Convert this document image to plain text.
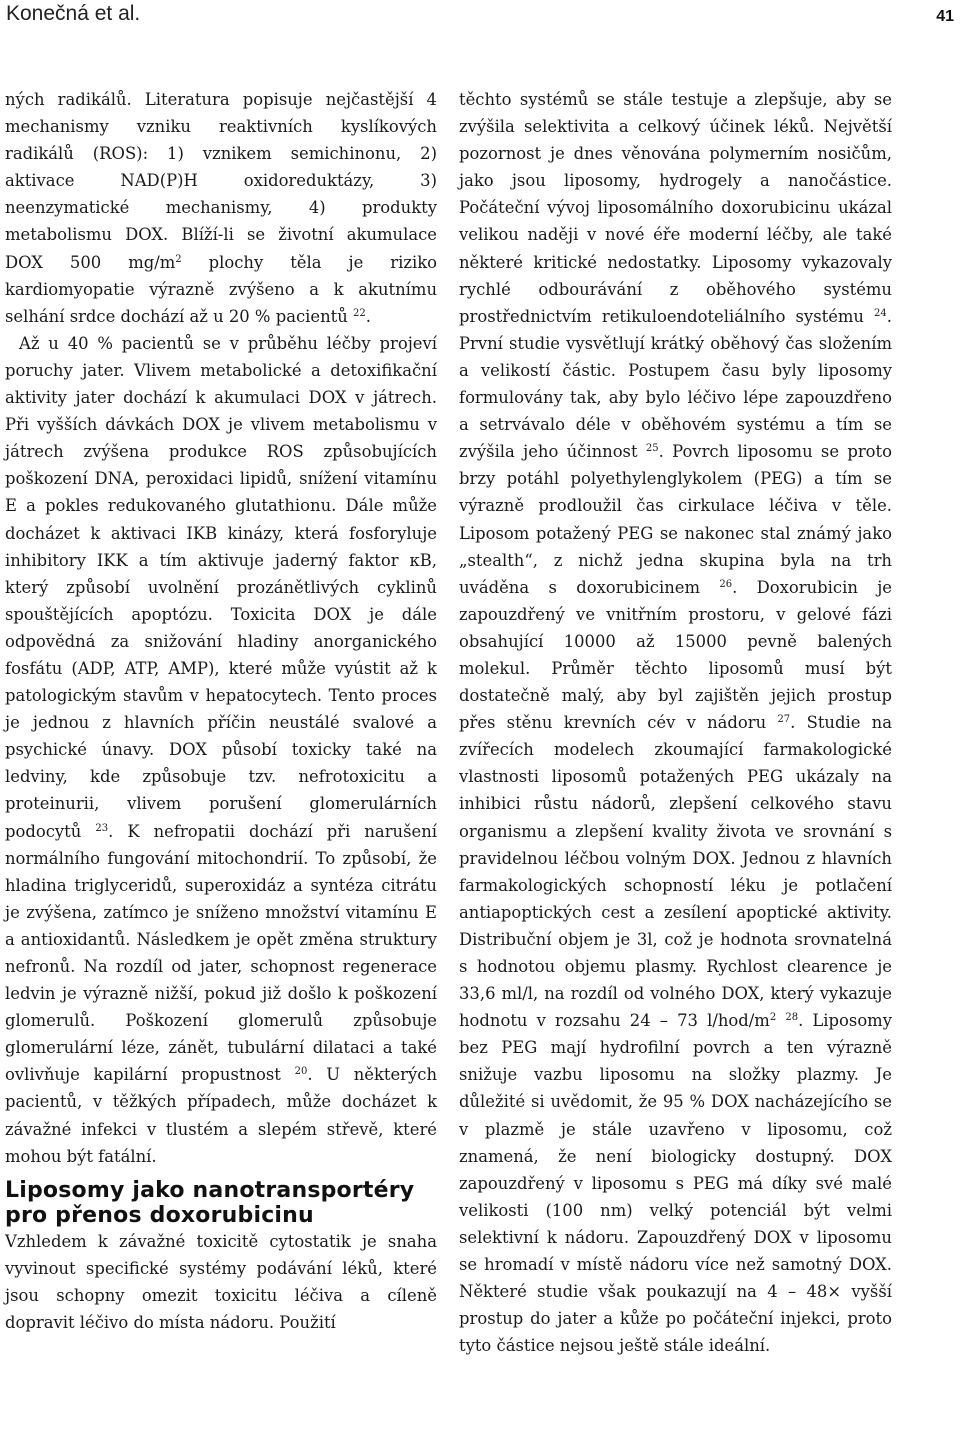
Konečná et al.	41

ných radikálů. Literatura popisuje nejčastější 4 mechanismy vzniku reaktivních kyslíkových radikálů (ROS): 1) vznikem semichinonu, 2) aktivace NAD(P)H oxidoreduktázy, 3) neenzymatické mechanismy, 4) produkty metabolismu DOX. Blíží-li se životní akumulace DOX 500 $mg/m^2$ plochy těla je riziko kardiomyopatie výrazně zvýšeno a k akutnímu selhání srdce dochází až u 20 % pacientů $^{22}$.

Až u 40 % pacientů se v průběhu léčby projeví poruchy jater. Vlivem metabolické a detoxifikační aktivity jater dochází k akumulaci DOX v játrech. Při vyšších dávkách DOX je vlivem metabolismu v játrech zvýšena produkce ROS způsobujících poškození DNA, peroxidaci lipidů, snížení vitamínu E a pokles redukovaného glutathionu. Dále může docházet k aktivaci IKB kinázy, která fosforyluje inhibitory IKK a tím aktivuje jaderný faktor κB, který způsobí uvolnění prozánětlivých cyklinů spouštějících apoptózu. Toxicita DOX je dále odpovědná za snižování hladiny anorganického fosfátu (ADP, ATP, AMP), které může vyústit až k patologickým stavům v hepatocytech. Tento proces je jednou z hlavních příčin neustálé svalové a psychické únavy. DOX působí toxicky také na ledviny, kde způsobuje tzv. nefrotoxicitu a proteinurii, vlivem porušení glomerulárních podocytů $^{23}$. K nefropatii dochází při narušení normálního fungování mitochondrií. To způsobí, že hladina triglyceridů, superoxidáz a syntéza citrátu je zvýšena, zatímco je sníženo množství vitamínu E a antioxidantů. Následkem je opět změna struktury nefronů. Na rozdíl od jater, schopnost regenerace ledvin je výrazně nižší, pokud již došlo k poškození glomerulů. Poškození glomerulů způsobuje glomerulární léze, zánět, tubulární dilataci a také ovlivňuje kapilární propustnost $^{20}$. U některých pacientů, v těžkých případech, může docházet k závažné infekci v tlustém a slepém střevě, které mohou být fatální.

Liposomy jako nanotransportéry pro přenos doxorubicinu

Vzhledem k závažné toxicitě cytostatik je snaha vyvinout specifické systémy podávání léků, které jsou schopny omezit toxicitu léčiva a cíleně dopravit léčivo do místa nádoru. Použití

těchto systémů se stále testuje a zlepšuje, aby se zvýšila selektivita a celkový účinek léků. Největší pozornost je dnes věnována polymerním nosičům, jako jsou liposomy, hydrogely a nanočástice. Počáteční vývoj liposomálního doxorubicinu ukázal velikou naději v nové éře moderní léčby, ale také některé kritické nedostatky. Liposomy vykazovaly rychlé odbourávání z oběhového systému prostřednictvím retikuloendoteliálního systému $^{24}$. První studie vysvětlují krátký oběhový čas složením a velikostí částic. Postupem času byly liposomy formulovány tak, aby bylo léčivo lépe zapouzdřeno a setrvávalo déle v oběhovém systému a tím se zvýšila jeho účinnost $^{25}$. Povrch liposomu se proto brzy potáhl polyethylenglykolem (PEG) a tím se výrazně prodloužil čas cirkulace léčiva v těle. Liposom potažený PEG se nakonec stal známý jako „stealth“, z nichž jedna skupina byla na trh uváděna s doxorubicinem $^{26}$. Doxorubicin je zapouzdřený ve vnitřním prostoru, v gelové fázi obsahující 10000 až 15000 pevně balených molekul. Průměr těchto liposomů musí být dostatečně malý, aby byl zajištěn jejich prostup přes stěnu krevních cév v nádoru $^{27}$. Studie na zvířecích modelech zkoumající farmakologické vlastnosti liposomů potažených PEG ukázaly na inhibici růstu nádorů, zlepšení celkového stavu organismu a zlepšení kvality života ve srovnání s pravidelnou léčbou volným DOX. Jednou z hlavních farmakologických schopností léku je potlačení antiapoptických cest a zesílení apoptické aktivity. Distribuční objem je 3l, což je hodnota srovnatelná s hodnotou objemu plasmy. Rychlost clearence je 33,6 ml/l, na rozdíl od volného DOX, který vykazuje hodnotu v rozsahu 24 – 73 $l/hod/m^2$ $^{28}$. Liposomy bez PEG mají hydrofilní povrch a ten výrazně snižuje vazbu liposomu na složky plazmy. Je důležité si uvědomit, že 95 % DOX nacházejícího se v plazmě je stále uzavřeno v liposomu, což znamená, že není biologicky dostupný. DOX zapouzdřený v liposomu s PEG má díky své malé velikosti (100 nm) velký potenciál být velmi selektivní k nádoru. Zapouzdřený DOX v liposomu se hromadí v místě nádoru více než samotný DOX. Některé studie však poukazují na 4 – 48× vyšší prostup do jater a kůže po počáteční injekci, proto tyto částice nejsou ještě stále ideální.
